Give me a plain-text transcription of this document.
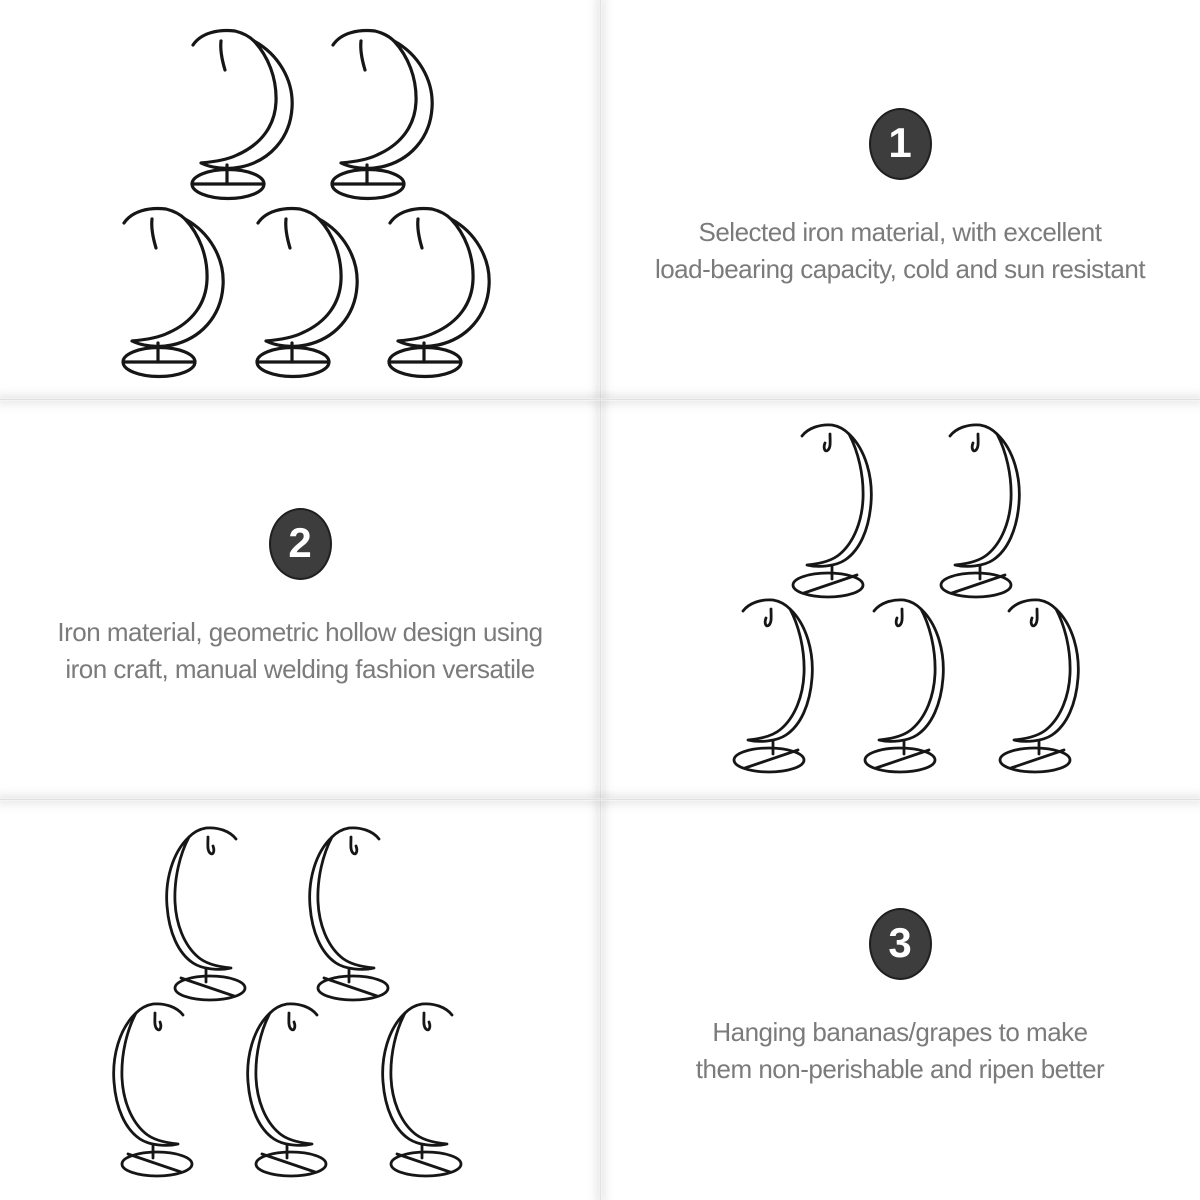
1
Selected iron material, with excellent
load-bearing capacity, cold and sun resistant
2
Iron material, geometric hollow design using
iron craft, manual welding fashion versatile
3
Hanging bananas/grapes to make
them non-perishable and ripen better
